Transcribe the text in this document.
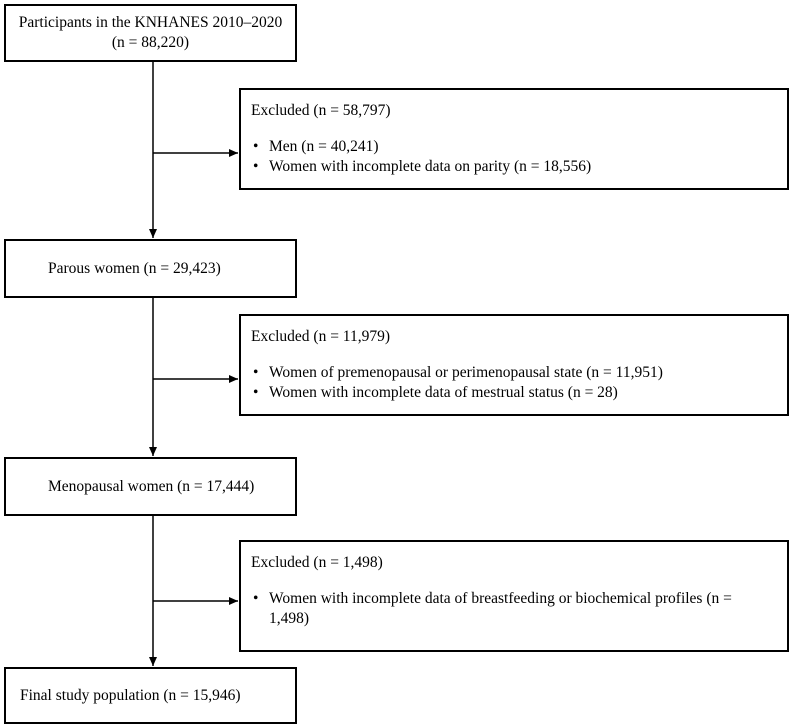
Participants in the KNHANES 2010–2020
(n = 88,220)
Excluded (n = 58,797)
• Men (n = 40,241)
• Women with incomplete data on parity (n = 18,556)
Parous women (n = 29,423)
Excluded (n = 11,979)
• Women of premenopausal or perimenopausal state (n = 11,951)
• Women with incomplete data of mestrual status (n = 28)
Menopausal women (n = 17,444)
Excluded (n = 1,498)
• Women with incomplete data of breastfeeding or biochemical profiles (n = 1,498)
Final study population (n = 15,946)
